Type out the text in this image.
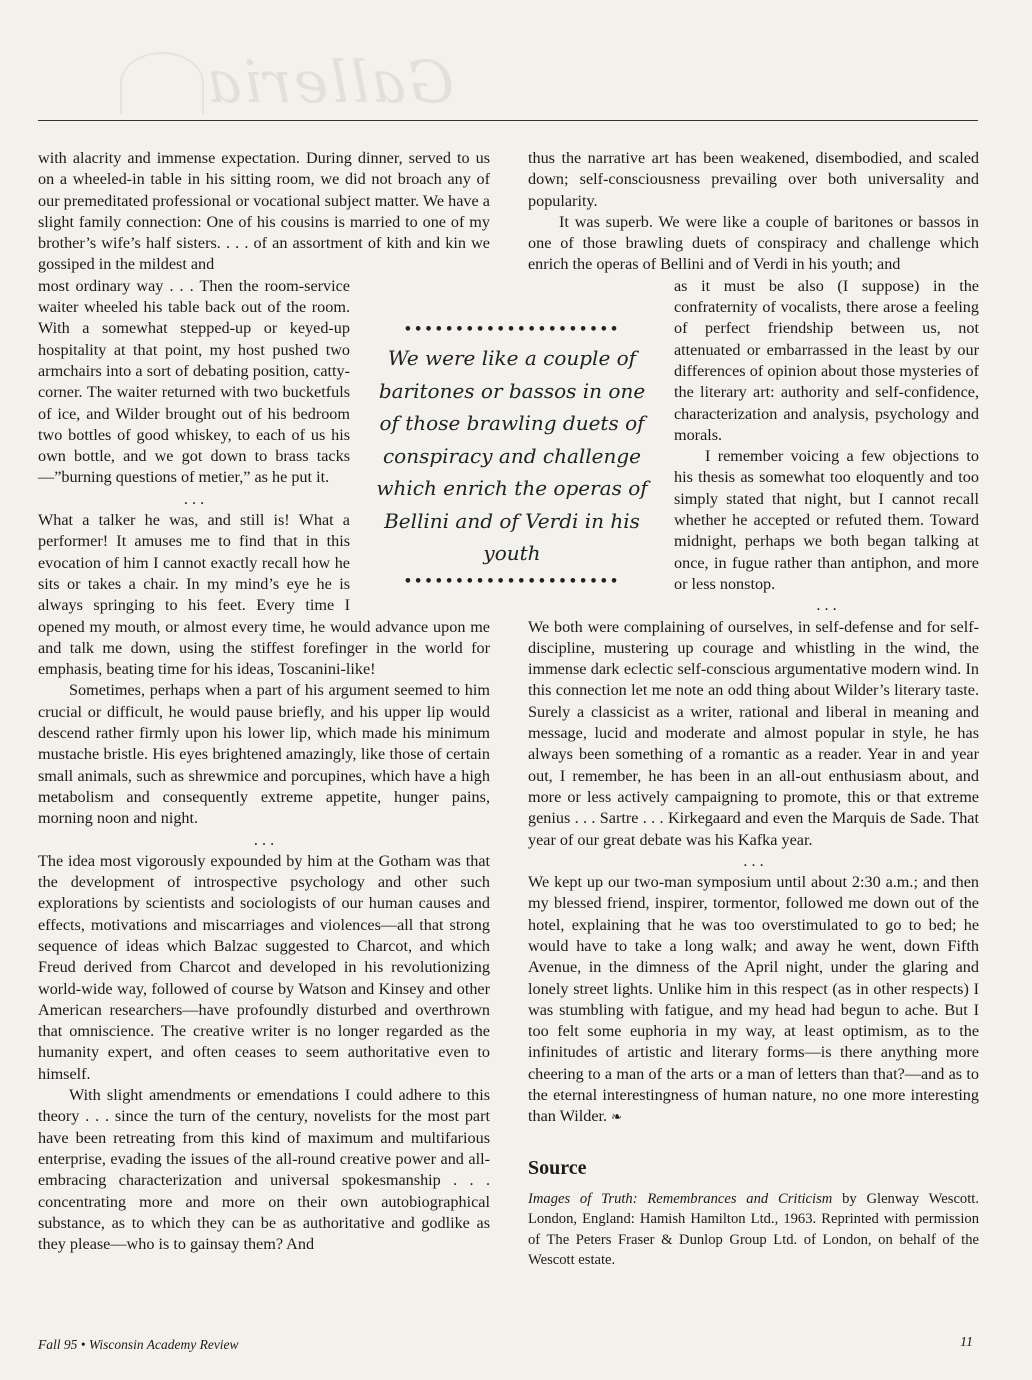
Galleria

with alacrity and immense expectation. During dinner, served to us on a wheeled-in table in his sitting room, we did not broach any of our premeditated professional or vocational subject matter. We have a slight family connection: One of his cousins is married to one of my brother’s wife’s half sisters. . . . of an assortment of kith and kin we gossiped in the mildest and

most ordinary way . . . Then the room-service waiter wheeled his table back out of the room. With a somewhat stepped-up or keyed-up hospitality at that point, my host pushed two armchairs into a sort of debating position, catty-corner. The waiter returned with two bucketfuls of ice, and Wilder brought out of his bedroom two bottles of good whiskey, to each of us his own bottle, and we got down to brass tacks—”burning questions of metier,” as he put it.

. . .

What a talker he was, and still is! What a performer! It amuses me to find that in this evocation of him I cannot exactly recall how he sits or takes a chair. In my mind’s eye he is always springing to his feet. Every time I opened my mouth, or almost every time, he would advance upon me and talk me down, using the stiffest forefinger in the world for emphasis, beating time for his ideas, Toscanini-like!

Sometimes, perhaps when a part of his argument seemed to him crucial or difficult, he would pause briefly, and his upper lip would descend rather firmly upon his lower lip, which made his minimum mustache bristle. His eyes brightened amazingly, like those of certain small animals, such as shrewmice and porcupines, which have a high metabolism and consequently extreme appetite, hunger pains, morning noon and night.

. . .

The idea most vigorously expounded by him at the Gotham was that the development of introspective psychology and other such explorations by scientists and sociologists of our human causes and effects, motivations and miscarriages and violences—all that strong sequence of ideas which Balzac suggested to Charcot, and which Freud derived from Charcot and developed in his revolutionizing world-wide way, followed of course by Watson and Kinsey and other American researchers—have profoundly disturbed and overthrown that omniscience. The creative writer is no longer regarded as the humanity expert, and often ceases to seem authoritative even to himself.

With slight amendments or emendations I could adhere to this theory . . . since the turn of the century, novelists for the most part have been retreating from this kind of maximum and multifarious enterprise, evading the issues of the all-round creative power and all-embracing characterization and universal spokesmanship . . . concentrating more and more on their own autobiographical substance, as to which they can be as authoritative and godlike as they please—who is to gainsay them? And

thus the narrative art has been weakened, disembodied, and scaled down; self-consciousness prevailing over both universality and popularity.

It was superb. We were like a couple of baritones or bassos in one of those brawling duets of conspiracy and challenge which enrich the operas of Bellini and of Verdi in his youth; and

as it must be also (I suppose) in the confraternity of vocalists, there arose a feeling of perfect friendship between us, not attenuated or embarrassed in the least by our differences of opinion about those mysteries of the literary art: authority and self-confidence, characterization and analysis, psychology and morals.

I remember voicing a few objections to his thesis as somewhat too eloquently and too simply stated that night, but I cannot recall whether he accepted or refuted them. Toward midnight, perhaps we both began talking at once, in fugue rather than antiphon, and more or less nonstop.

. . .

We both were complaining of ourselves, in self-defense and for self-discipline, mustering up courage and whistling in the wind, the immense dark eclectic self-conscious argumentative modern wind. In this connection let me note an odd thing about Wilder’s literary taste. Surely a classicist as a writer, rational and liberal in meaning and message, lucid and moderate and almost popular in style, he has always been something of a romantic as a reader. Year in and year out, I remember, he has been in an all-out enthusiasm about, and more or less actively campaigning to promote, this or that extreme genius . . . Sartre . . . Kirkegaard and even the Marquis de Sade. That year of our great debate was his Kafka year.

. . .

We kept up our two-man symposium until about 2:30 a.m.; and then my blessed friend, inspirer, tormentor, followed me down out of the hotel, explaining that he was too overstimulated to go to bed; he would have to take a long walk; and away he went, down Fifth Avenue, in the dimness of the April night, under the glaring and lonely street lights. Unlike him in this respect (as in other respects) I was stumbling with fatigue, and my head had begun to ache. But I too felt some euphoria in my way, at least optimism, as to the infinitudes of artistic and literary forms—is there anything more cheering to a man of the arts or a man of letters than that?—and as to the eternal interestingness of human nature, no one more interesting than Wilder. ❧

Source

Images of Truth: Remembrances and Criticism by Glenway Wescott. London, England: Hamish Hamilton Ltd., 1963. Reprinted with permission of The Peters Fraser & Dunlop Group Ltd. of London, on behalf of the Wescott estate.

•••••••••••••••••••••
We were like a couple of baritones or bassos in one of those brawling duets of conspiracy and challenge which enrich the operas of Bellini and of Verdi in his youth
•••••••••••••••••••••
Fall 95 • Wisconsin Academy Review	11
